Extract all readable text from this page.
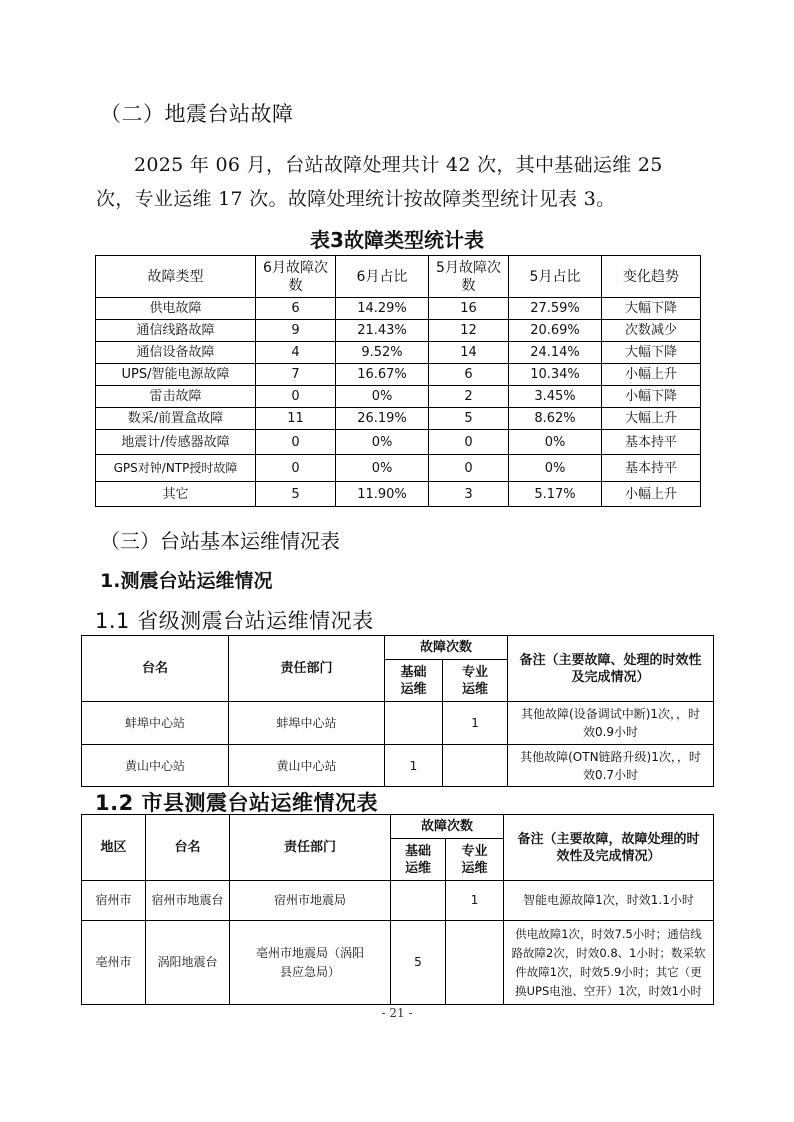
（二）地震台站故障
2025 年 06 月，台站故障处理共计 42 次，其中基础运维 25
次，专业运维 17 次。故障处理统计按故障类型统计见表 3。
表3故障类型统计表
故障类型	6月故障次数	6月占比	5月故障次数	5月占比	变化趋势
供电故障	6	14.29%	16	27.59%	大幅下降
通信线路故障	9	21.43%	12	20.69%	次数减少
通信设备故障	4	9.52%	14	24.14%	大幅下降
UPS/智能电源故障	7	16.67%	6	10.34%	小幅上升
雷击故障	0	0%	2	3.45%	小幅下降
数采/前置盒故障	11	26.19%	5	8.62%	大幅上升
地震计/传感器故障	0	0%	0	0%	基本持平
GPS对钟/NTP授时故障	0	0%	0	0%	基本持平
其它	5	11.90%	3	5.17%	小幅上升
（三）台站基本运维情况表
1.测震台站运维情况
1.1 省级测震台站运维情况表
台名	责任部门	故障次数		备注（主要故障、处理的时效性及完成情况）
		基础运维	专业运维	
蚌埠中心站	蚌埠中心站		1	其他故障(设备调试中断)1次，，时效0.9小时
黄山中心站	黄山中心站	1		其他故障(OTN链路升级)1次，，时效0.7小时
1.2 市县测震台站运维情况表
地区	台名	责任部门	故障次数		备注（主要故障，故障处理的时效性及完成情况）
			基础运维	专业运维	
宿州市	宿州市地震台	宿州市地震局		1	智能电源故障1次，时效1.1小时
亳州市	涡阳地震台	亳州市地震局（涡阳县应急局）	5		供电故障1次，时效7.5小时；通信线路故障2次，时效0.8、1小时；数采软件故障1次，时效5.9小时；其它（更换UPS电池、空开）1次，时效1小时
- 21 -
